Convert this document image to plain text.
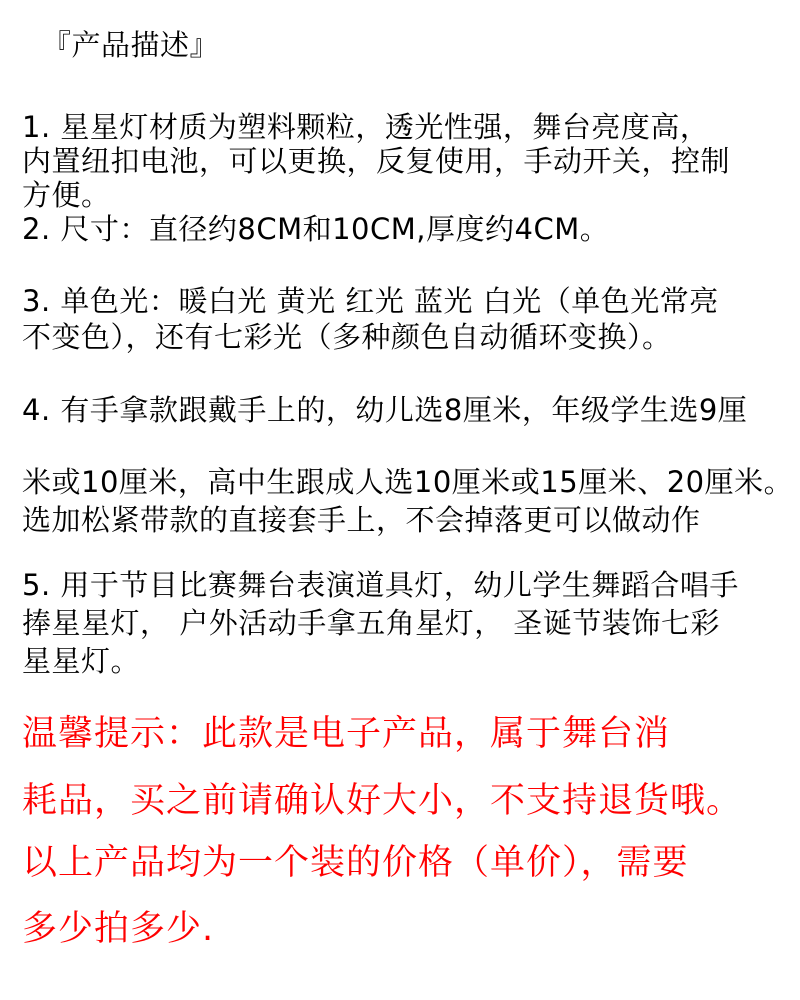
『产品描述』
1. 星星灯材质为塑料颗粒，透光性强，舞台亮度高，
内置纽扣电池，可以更换，反复使用，手动开关，控制
方便。
2. 尺寸：直径约8CM和10CM,厚度约4CM。
3. 单色光：暖白光 黄光 红光 蓝光 白光（单色光常亮
不变色），还有七彩光（多种颜色自动循环变换）。
4. 有手拿款跟戴手上的，幼儿选8厘米，年级学生选9厘
米或10厘米，高中生跟成人选10厘米或15厘米、20厘米。
选加松紧带款的直接套手上，不会掉落更可以做动作
5. 用于节目比赛舞台表演道具灯，幼儿学生舞蹈合唱手
捧星星灯， 户外活动手拿五角星灯， 圣诞节装饰七彩
星星灯。
温馨提示：此款是电子产品，属于舞台消
耗品，买之前请确认好大小，不支持退货哦。
以上产品均为一个装的价格（单价），需要
多少拍多少.
